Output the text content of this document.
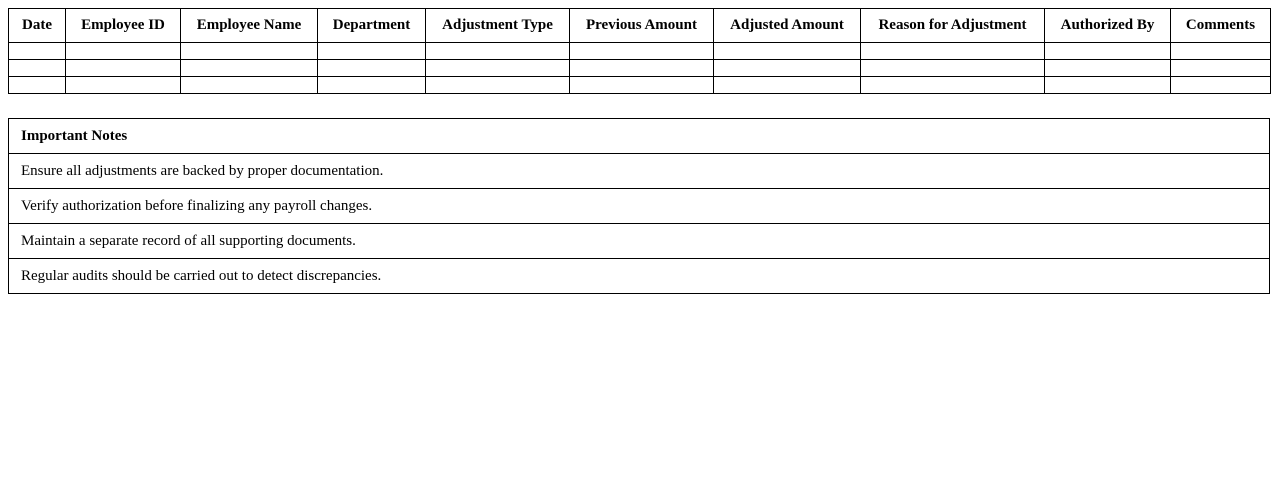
Date	Employee ID	Employee Name	Department	Adjustment Type	Previous Amount	Adjusted Amount	Reason for Adjustment	Authorized By	Comments

Important Notes
Ensure all adjustments are backed by proper documentation.
Verify authorization before finalizing any payroll changes.
Maintain a separate record of all supporting documents.
Regular audits should be carried out to detect discrepancies.
